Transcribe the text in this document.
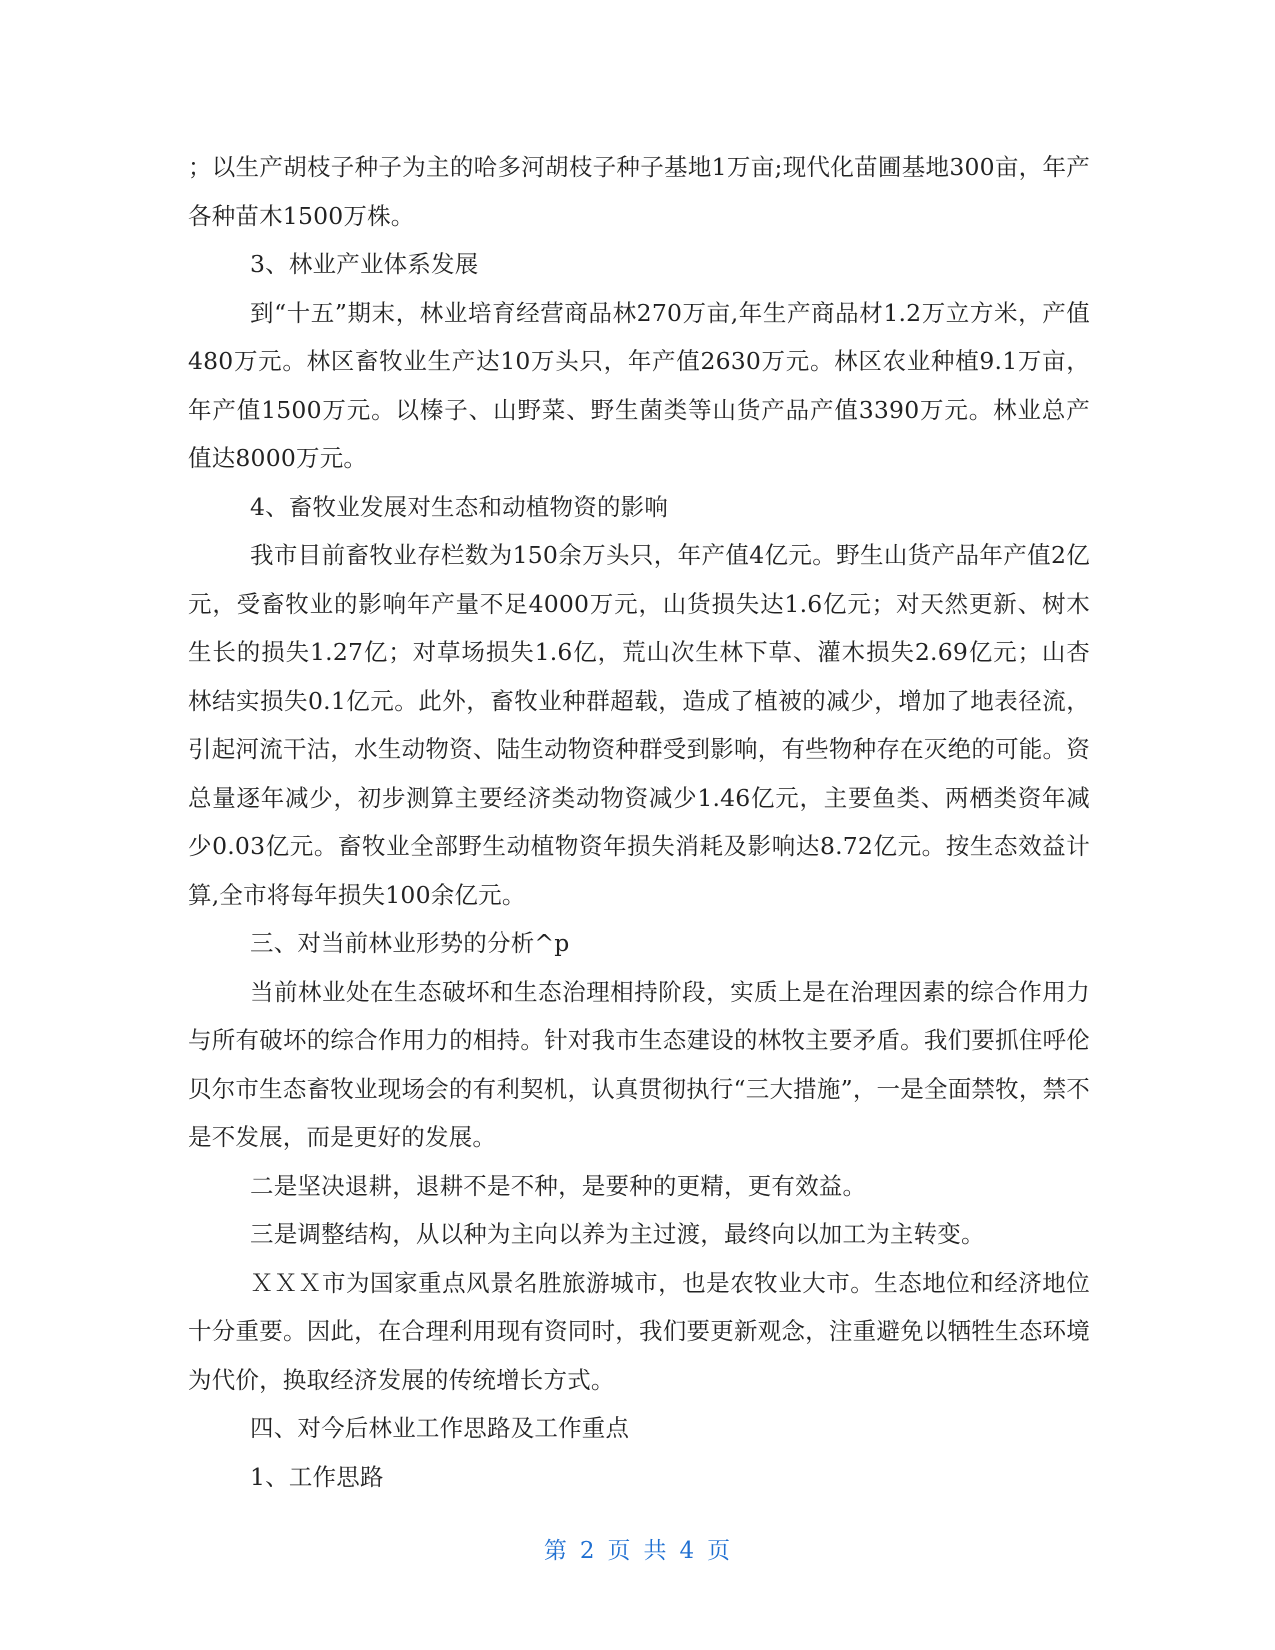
；以生产胡枝子种子为主的哈多河胡枝子种子基地1万亩;现代化苗圃基地300亩，年产各种苗木1500万株。

3、林业产业体系发展

到“十五”期末，林业培育经营商品林270万亩,年生产商品材1.2万立方米，产值480万元。林区畜牧业生产达10万头只，年产值2630万元。林区农业种植9.1万亩，年产值1500万元。以榛子、山野菜、野生菌类等山货产品产值3390万元。林业总产值达8000万元。

4、畜牧业发展对生态和动植物资的影响

我市目前畜牧业存栏数为150余万头只，年产值4亿元。野生山货产品年产值2亿元，受畜牧业的影响年产量不足4000万元，山货损失达1.6亿元；对天然更新、树木生长的损失1.27亿；对草场损失1.6亿，荒山次生林下草、灌木损失2.69亿元；山杏林结实损失0.1亿元。此外，畜牧业种群超载，造成了植被的减少，增加了地表径流，引起河流干沽，水生动物资、陆生动物资种群受到影响，有些物种存在灭绝的可能。资总量逐年减少，初步测算主要经济类动物资减少1.46亿元，主要鱼类、两栖类资年减少0.03亿元。畜牧业全部野生动植物资年损失消耗及影响达8.72亿元。按生态效益计算,全市将每年损失100余亿元。

三、对当前林业形势的分析^p

当前林业处在生态破坏和生态治理相持阶段，实质上是在治理因素的综合作用力与所有破坏的综合作用力的相持。针对我市生态建设的林牧主要矛盾。我们要抓住呼伦贝尔市生态畜牧业现场会的有利契机，认真贯彻执行“三大措施”，一是全面禁牧，禁不是不发展，而是更好的发展。

二是坚决退耕，退耕不是不种，是要种的更精，更有效益。

三是调整结构，从以种为主向以养为主过渡，最终向以加工为主转变。

ＸＸＸ市为国家重点风景名胜旅游城市，也是农牧业大市。生态地位和经济地位十分重要。因此，在合理利用现有资同时，我们要更新观念，注重避免以牺牲生态环境为代价，换取经济发展的传统增长方式。

四、对今后林业工作思路及工作重点

1、工作思路

第 2 页 共 4 页
